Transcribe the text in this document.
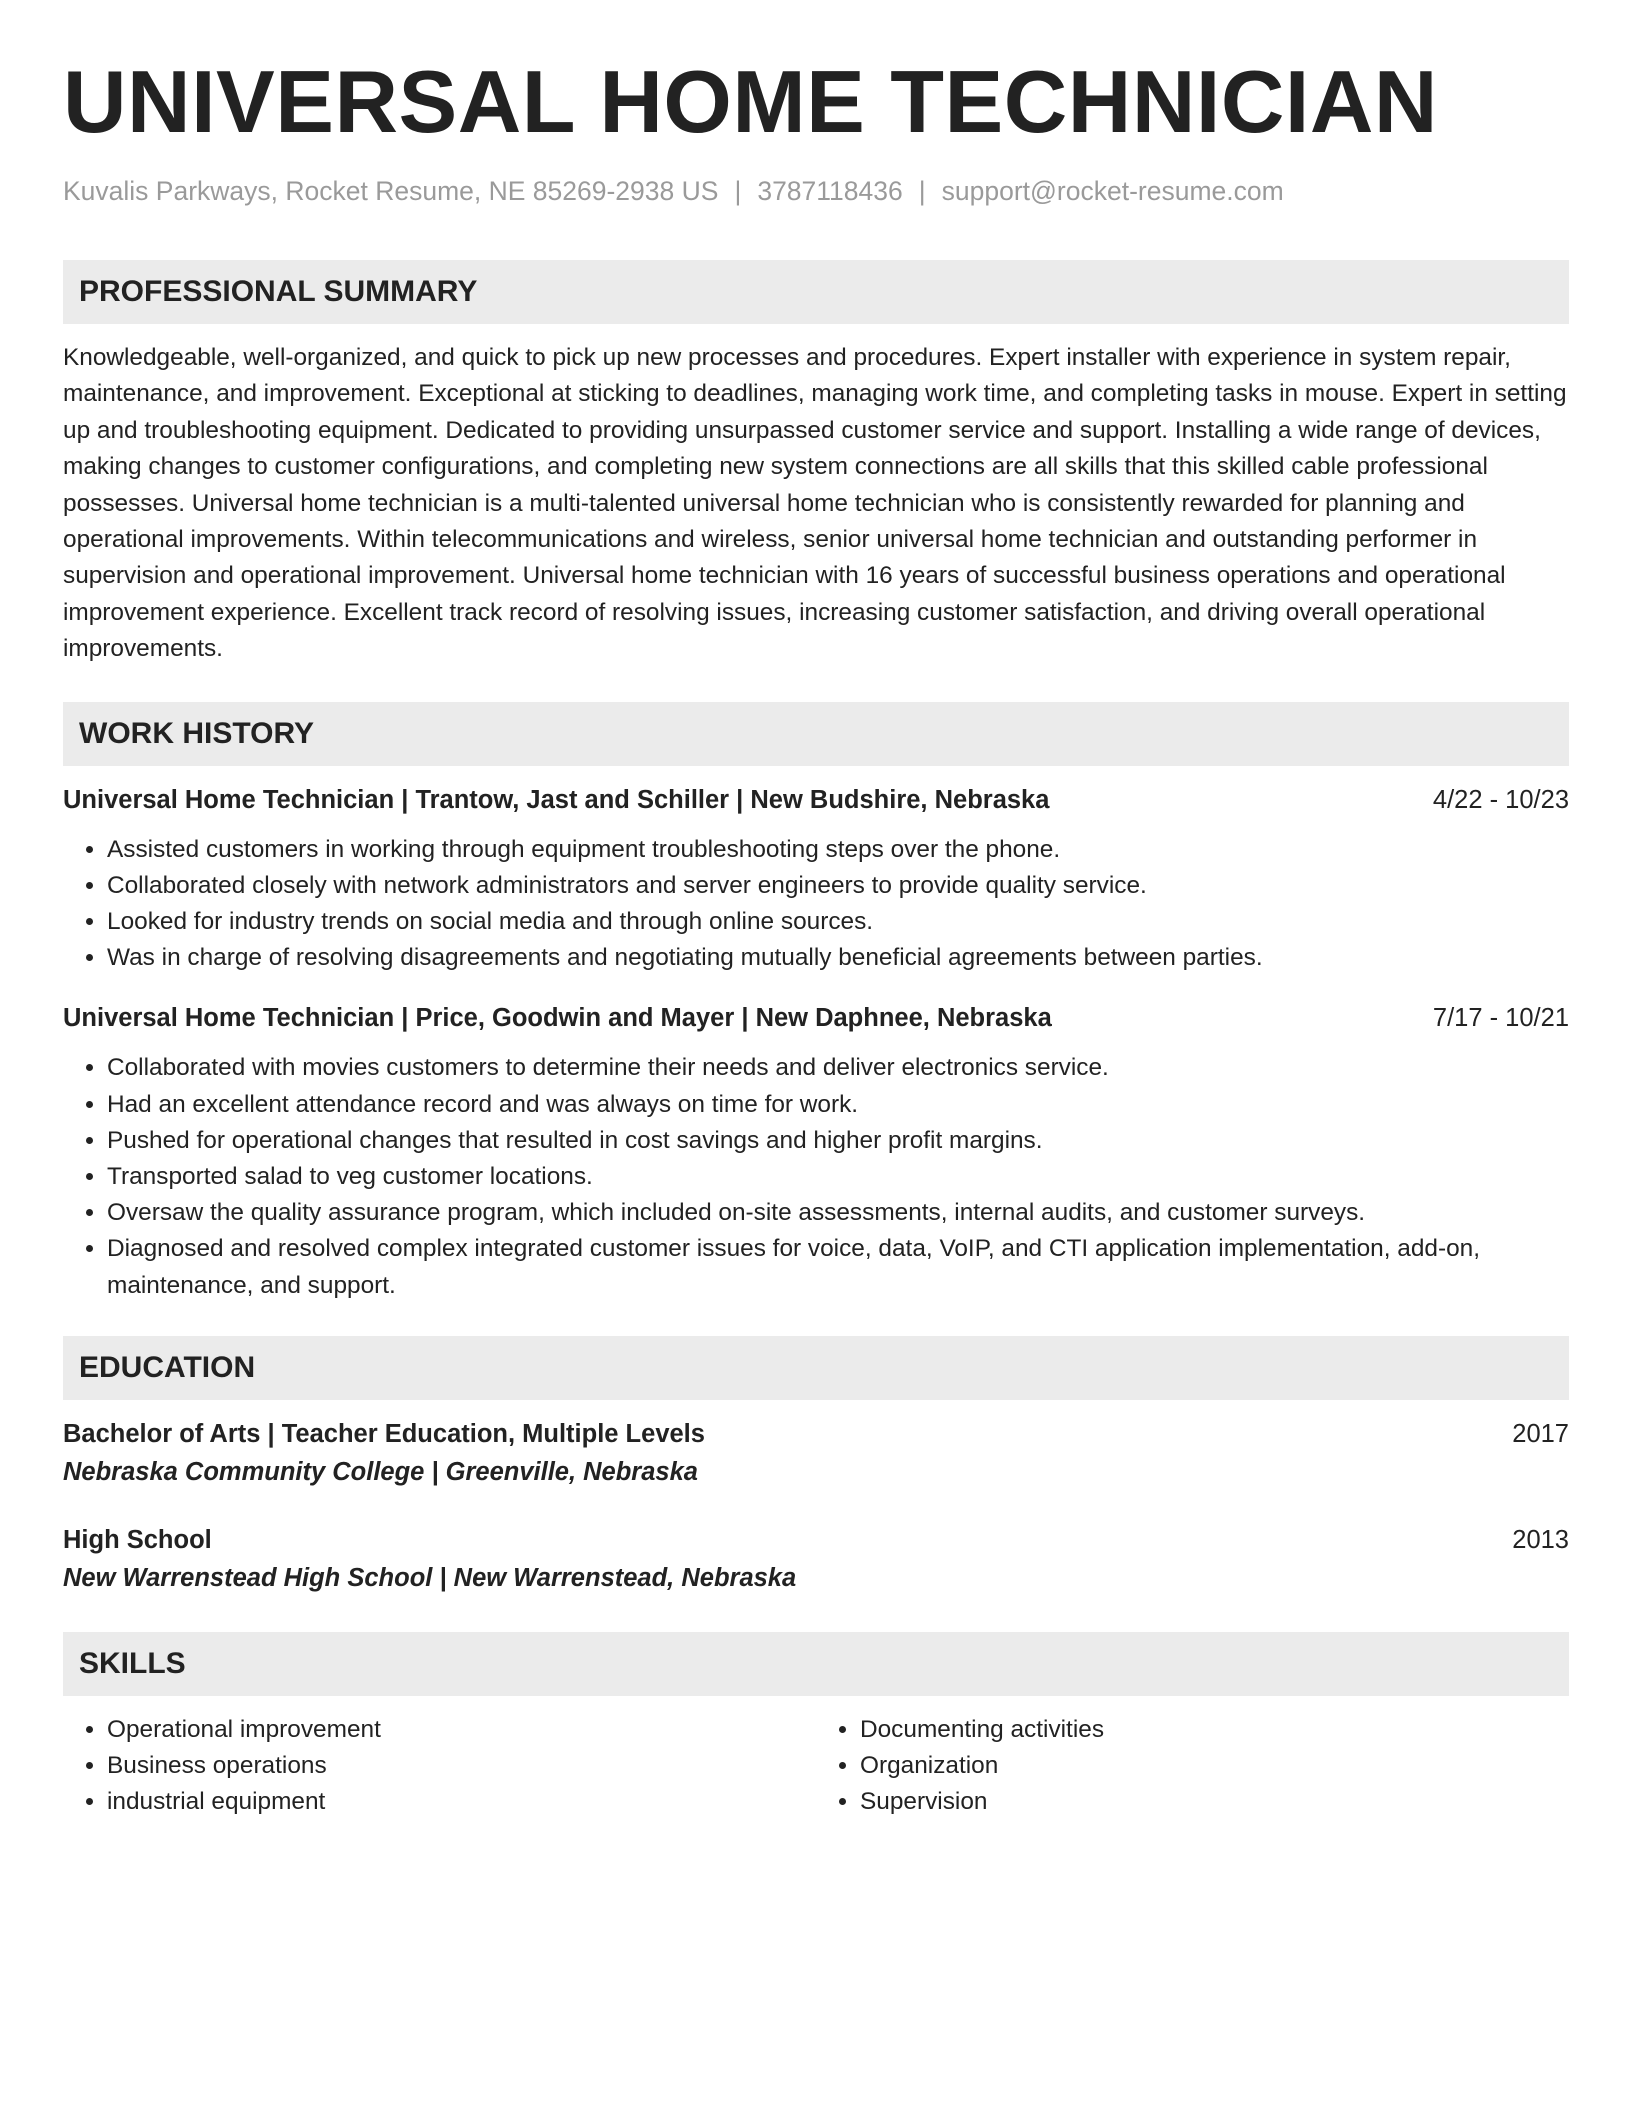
UNIVERSAL HOME TECHNICIAN
Kuvalis Parkways, Rocket Resume, NE 85269-2938 US | 3787118436 | support@rocket-resume.com
PROFESSIONAL SUMMARY

Knowledgeable, well-organized, and quick to pick up new processes and procedures. Expert installer with experience in system repair, maintenance, and improvement. Exceptional at sticking to deadlines, managing work time, and completing tasks in mouse. Expert in setting up and troubleshooting equipment. Dedicated to providing unsurpassed customer service and support. Installing a wide range of devices, making changes to customer configurations, and completing new system connections are all skills that this skilled cable professional possesses. Universal home technician is a multi-talented universal home technician who is consistently rewarded for planning and operational improvements. Within telecommunications and wireless, senior universal home technician and outstanding performer in supervision and operational improvement. Universal home technician with 16 years of successful business operations and operational improvement experience. Excellent track record of resolving issues, increasing customer satisfaction, and driving overall operational improvements.

WORK HISTORY
Universal Home Technician | Trantow, Jast and Schiller | New Budshire, Nebraska	4/22 - 10/23
• Assisted customers in working through equipment troubleshooting steps over the phone.
• Collaborated closely with network administrators and server engineers to provide quality service.
• Looked for industry trends on social media and through online sources.
• Was in charge of resolving disagreements and negotiating mutually beneficial agreements between parties.
Universal Home Technician | Price, Goodwin and Mayer | New Daphnee, Nebraska	7/17 - 10/21
• Collaborated with movies customers to determine their needs and deliver electronics service.
• Had an excellent attendance record and was always on time for work.
• Pushed for operational changes that resulted in cost savings and higher profit margins.
• Transported salad to veg customer locations.
• Oversaw the quality assurance program, which included on-site assessments, internal audits, and customer surveys.
• Diagnosed and resolved complex integrated customer issues for voice, data, VoIP, and CTI application implementation, add-on, maintenance, and support.
EDUCATION
Bachelor of Arts | Teacher Education, Multiple Levels	2017
Nebraska Community College | Greenville, Nebraska
High School	2013
New Warrenstead High School | New Warrenstead, Nebraska
SKILLS
• Operational improvement
• Business operations
• industrial equipment
• Documenting activities
• Organization
• Supervision
